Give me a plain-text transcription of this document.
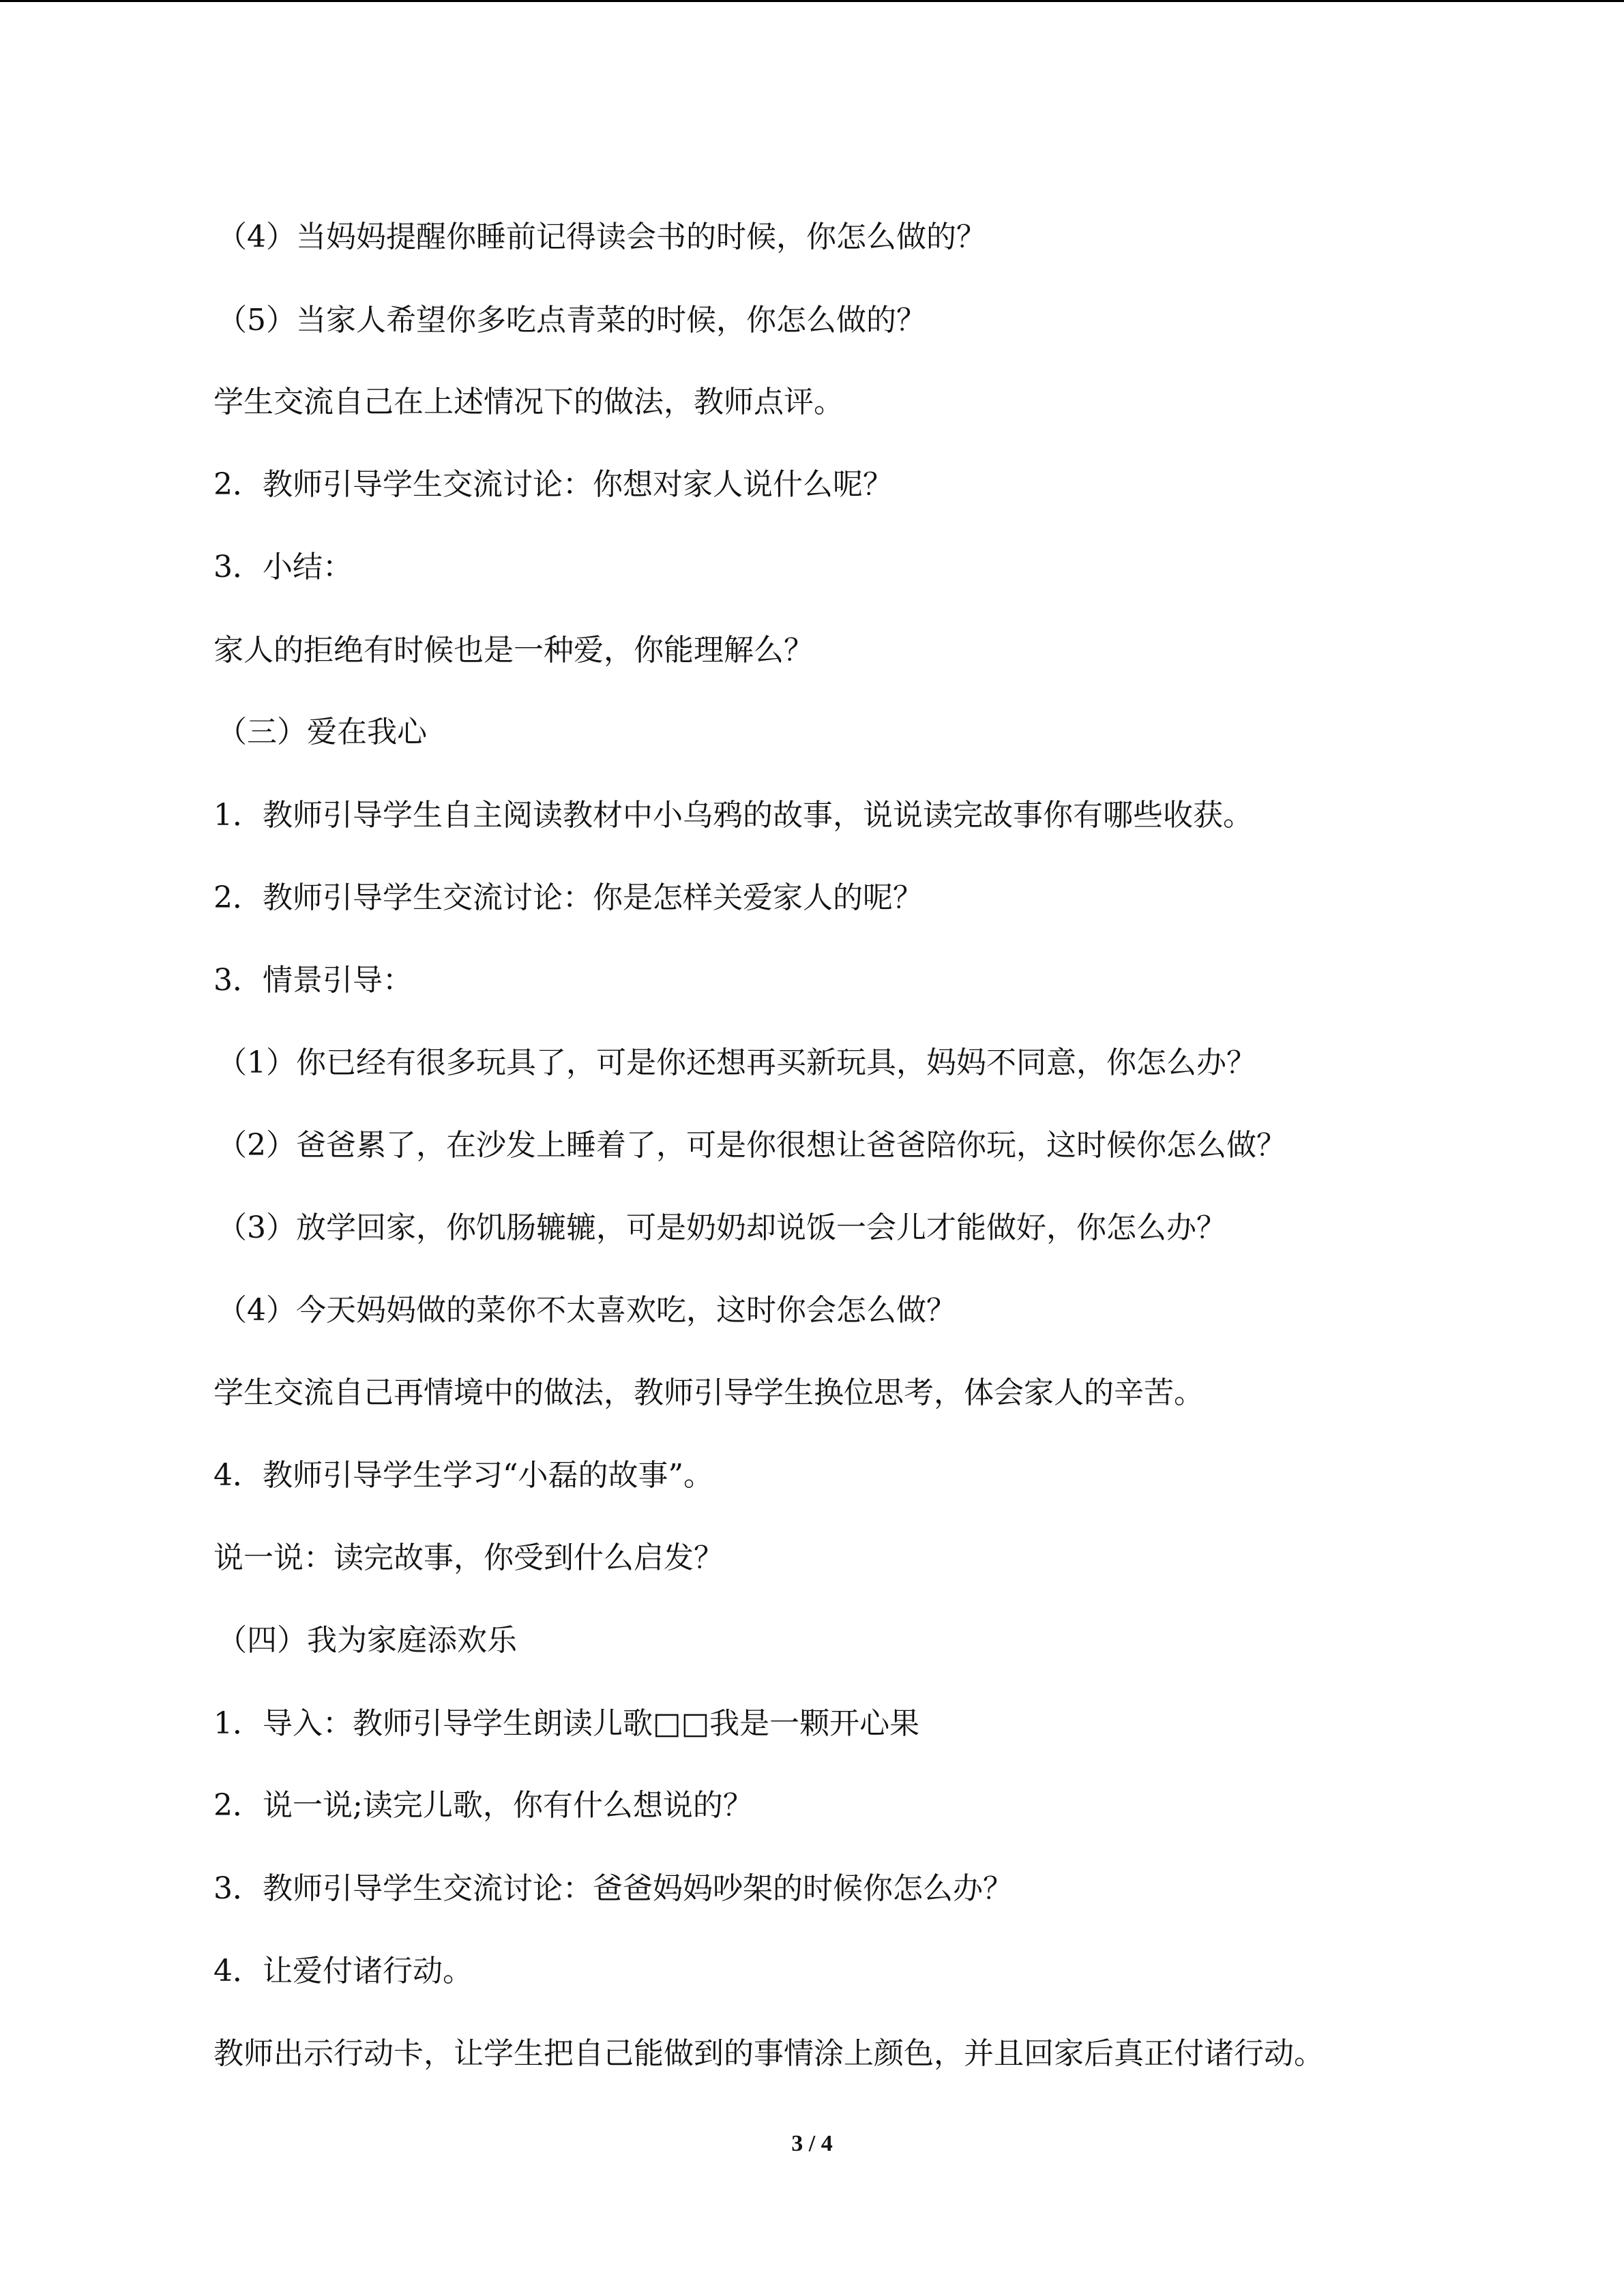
（4）当妈妈提醒你睡前记得读会书的时候，你怎么做的？

（5）当家人希望你多吃点青菜的时候，你怎么做的？

学生交流自己在上述情况下的做法，教师点评。

2．教师引导学生交流讨论：你想对家人说什么呢？

3．小结：

家人的拒绝有时候也是一种爱，你能理解么？

（三）爱在我心

1．教师引导学生自主阅读教材中小乌鸦的故事，说说读完故事你有哪些收获。

2．教师引导学生交流讨论：你是怎样关爱家人的呢？

3．情景引导：

（1）你已经有很多玩具了，可是你还想再买新玩具，妈妈不同意，你怎么办？

（2）爸爸累了，在沙发上睡着了，可是你很想让爸爸陪你玩，这时候你怎么做？

（3）放学回家，你饥肠辘辘，可是奶奶却说饭一会儿才能做好，你怎么办？

（4）今天妈妈做的菜你不太喜欢吃，这时你会怎么做？

学生交流自己再情境中的做法，教师引导学生换位思考，体会家人的辛苦。

4．教师引导学生学习“小磊的故事”。

说一说：读完故事，你受到什么启发？

（四）我为家庭添欢乐

1．导入：教师引导学生朗读儿歌□□我是一颗开心果

2．说一说;读完儿歌，你有什么想说的？

3．教师引导学生交流讨论：爸爸妈妈吵架的时候你怎么办？

4．让爱付诸行动。

教师出示行动卡，让学生把自己能做到的事情涂上颜色，并且回家后真正付诸行动。

3 / 4
